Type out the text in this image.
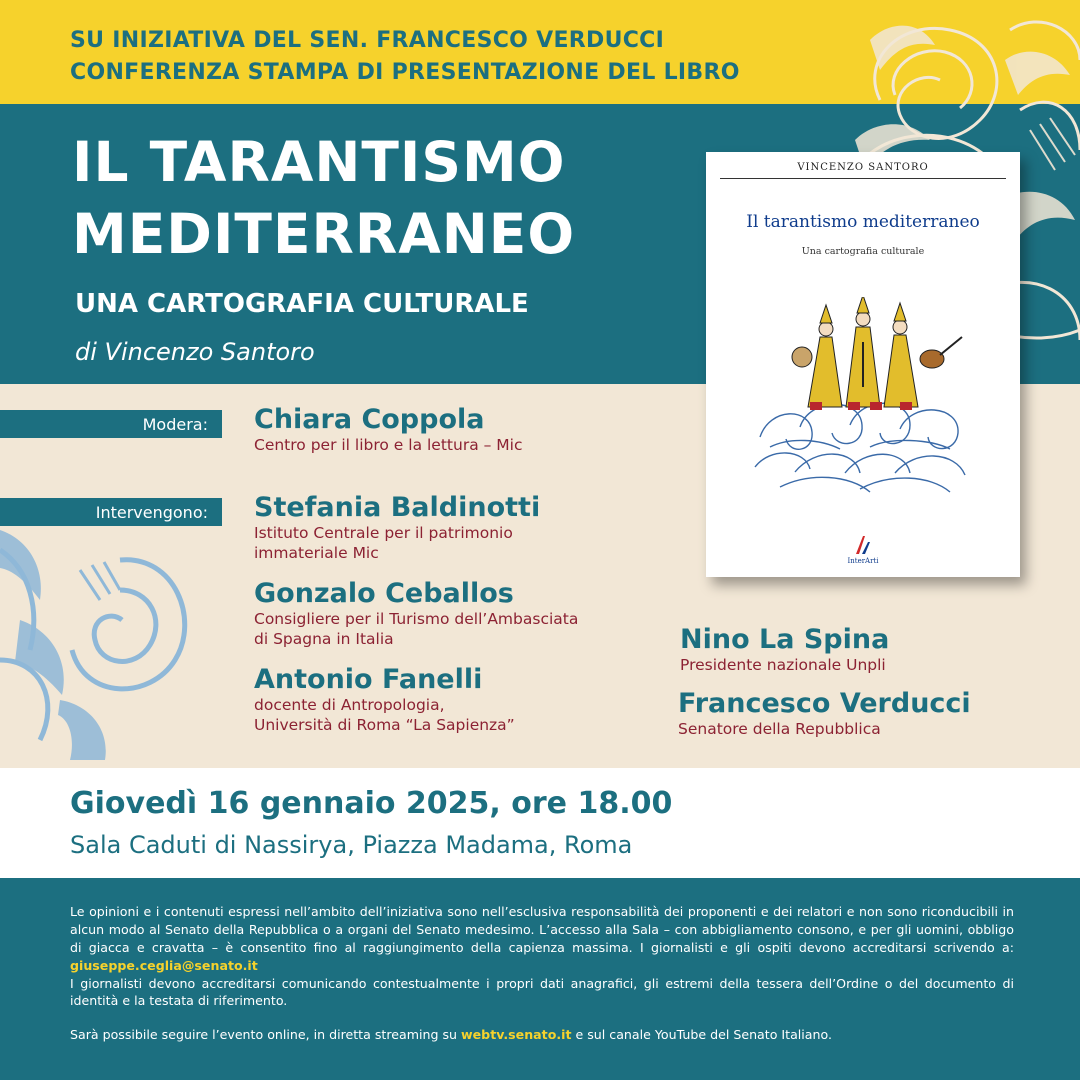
SU INIZIATIVA DEL SEN. FRANCESCO VERDUCCI
CONFERENZA STAMPA DI PRESENTAZIONE DEL LIBRO
IL TARANTISMO
MEDITERRANEO
UNA CARTOGRAFIA CULTURALE
di Vincenzo Santoro
VINCENZO SANTORO
Il tarantismo mediterraneo
Una cartografia culturale
InterArti
Modera:
Intervengono:
Chiara Coppola
Centro per il libro e la lettura – Mic
Stefania Baldinotti
Istituto Centrale per il patrimonio
immateriale Mic
Gonzalo Ceballos
Consigliere per il Turismo dell’Ambasciata
di Spagna in Italia
Antonio Fanelli
docente di Antropologia,
Università di Roma “La Sapienza”
Nino La Spina
Presidente nazionale Unpli
Francesco Verducci
Senatore della Repubblica
Giovedì 16 gennaio 2025, ore 18.00
Sala Caduti di Nassirya, Piazza Madama, Roma

Le opinioni e i contenuti espressi nell’ambito dell’iniziativa sono nell’esclusiva responsabilità dei proponenti e dei relatori e non sono riconducibili in alcun modo al Senato della Repubblica o a organi del Senato medesimo. L’accesso alla Sala – con abbigliamento consono, e per gli uomini, obbligo di giacca e cravatta – è consentito fino al raggiungimento della capienza massima. I giornalisti e gli ospiti devono accreditarsi scrivendo a: giuseppe.ceglia@senato.it

I giornalisti devono accreditarsi comunicando contestualmente i propri dati anagrafici, gli estremi della tessera dell’Ordine o del documento di identità e la testata di riferimento.

Sarà possibile seguire l’evento online, in diretta streaming su webtv.senato.it e sul canale YouTube del Senato Italiano.
